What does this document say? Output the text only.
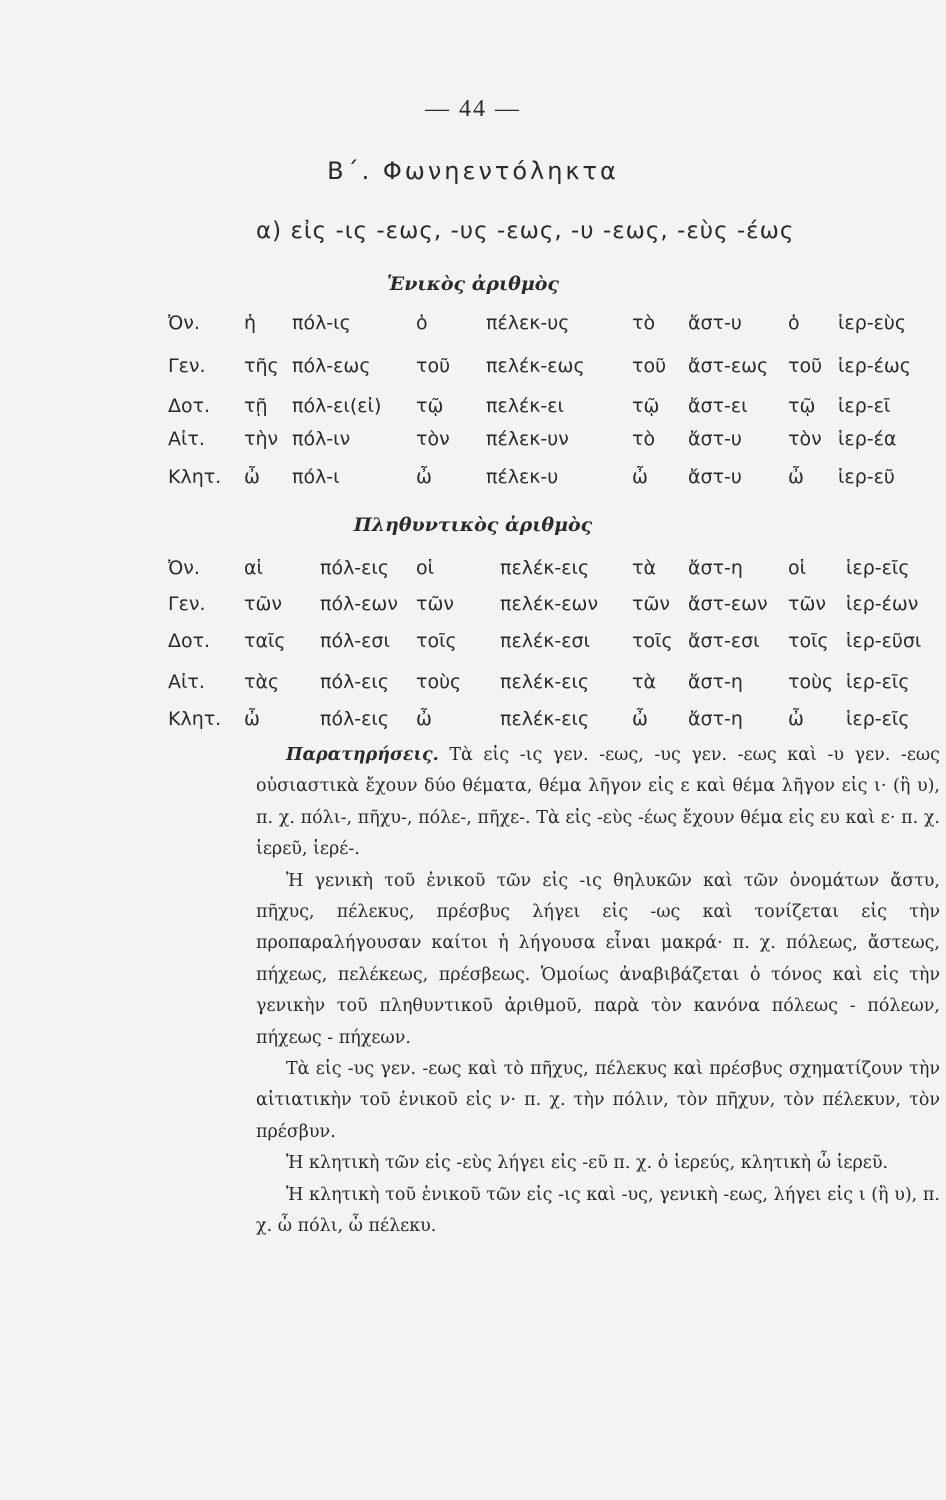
— 44 —
Β΄. Φωνηεντόληκτα
α) εἰς -ις -εως, -υς -εως, -υ -εως, -εὺς -έως
Ἑνικὸς ἀριθμὸς
Ὀν. ἡ πόλ-ις	ὁ	πέλεκ-υς	τὸ ἄστ-υ ὁ ἱερ-εὺς
Γεν. τῆς πόλ-εως τοῦ πελέκ-εως τοῦ ἄστ-εως τοῦ ἱερ-έως
Δοτ. τῇ πόλ-ει(εἰ) τῷ πελέκ-ει	τῷ ἄστ-ει τῷ ἱερ-εῖ
Αἰτ. τὴν πόλ-ιν	τὸν πέλεκ-υν	τὸ ἄστ-υ τὸν ἱερ-έα
Κλητ. ὦ πόλ-ι	ὦ	πέλεκ-υ	ὦ ἄστ-υ ὦ ἱερ-εῦ
Πληθυντικὸς ἀριθμὸς
Ὀν. αἱ	πόλ-εις οἱ	πελέκ-εις τὰ ἄστ-η οἱ ἱερ-εῖς
Γεν. τῶν πόλ-εων τῶν πελέκ-εων τῶν ἄστ-εων τῶν ἱερ-έων
Δοτ. ταῖς πόλ-εσι τοῖς πελέκ-εσι τοῖς ἄστ-εσι τοῖς ἱερ-εῦσι
Αἰτ. τὰς πόλ-εις τοὺς πελέκ-εις τὰ ἄστ-η τοὺς ἱερ-εῖς
Κλητ. ὦ	πόλ-εις ὦ	πελέκ-εις ὦ ἄστ-η ὦ ἱερ-εῖς

Παρατηρήσεις. Τὰ εἰς -ις γεν. -εως, -υς γεν. -εως καὶ -υ γεν. -εως οὐσιαστικὰ ἔχουν δύο θέματα, θέμα λῆγον εἰς ε καὶ θέμα λῆγον εἰς ι· (ἢ υ), π. χ. πόλι-, πῆχυ-, πόλε-, πῆχε-. Τὰ εἰς -εὺς -έως ἔχουν θέμα εἰς ευ καὶ ε· π. χ. ἱερεῦ, ἱερέ-.

Ἡ γενικὴ τοῦ ἑνικοῦ τῶν εἰς -ις θηλυκῶν καὶ τῶν ὀνομάτων ἄστυ, πῆχυς, πέλεκυς, πρέσβυς λήγει εἰς -ως καὶ τονίζεται εἰς τὴν προπαραλήγουσαν καίτοι ἡ λήγουσα εἶναι μακρά· π. χ. πόλεως, ἄστεως, πήχεως, πελέκεως, πρέσβεως. Ὁμοίως ἀναβιβάζεται ὁ τόνος καὶ εἰς τὴν γενικὴν τοῦ πληθυντικοῦ ἀριθμοῦ, παρὰ τὸν κανόνα πόλεως - πόλεων, πήχεως - πήχεων.

Τὰ εἰς -υς γεν. -εως καὶ τὸ πῆχυς, πέλεκυς καὶ πρέσβυς σχηματίζουν τὴν αἰτιατικὴν τοῦ ἑνικοῦ εἰς ν· π. χ. τὴν πόλιν, τὸν πῆχυν, τὸν πέλεκυν, τὸν πρέσβυν.

Ἡ κλητικὴ τῶν εἰς -εὺς λήγει εἰς -εῦ π. χ. ὁ ἱερεύς, κλητικὴ ὦ ἱερεῦ.

Ἡ κλητικὴ τοῦ ἑνικοῦ τῶν εἰς -ις καὶ -υς, γενικὴ -εως, λήγει εἰς ι (ἢ υ), π. χ. ὦ πόλι, ὦ πέλεκυ.
